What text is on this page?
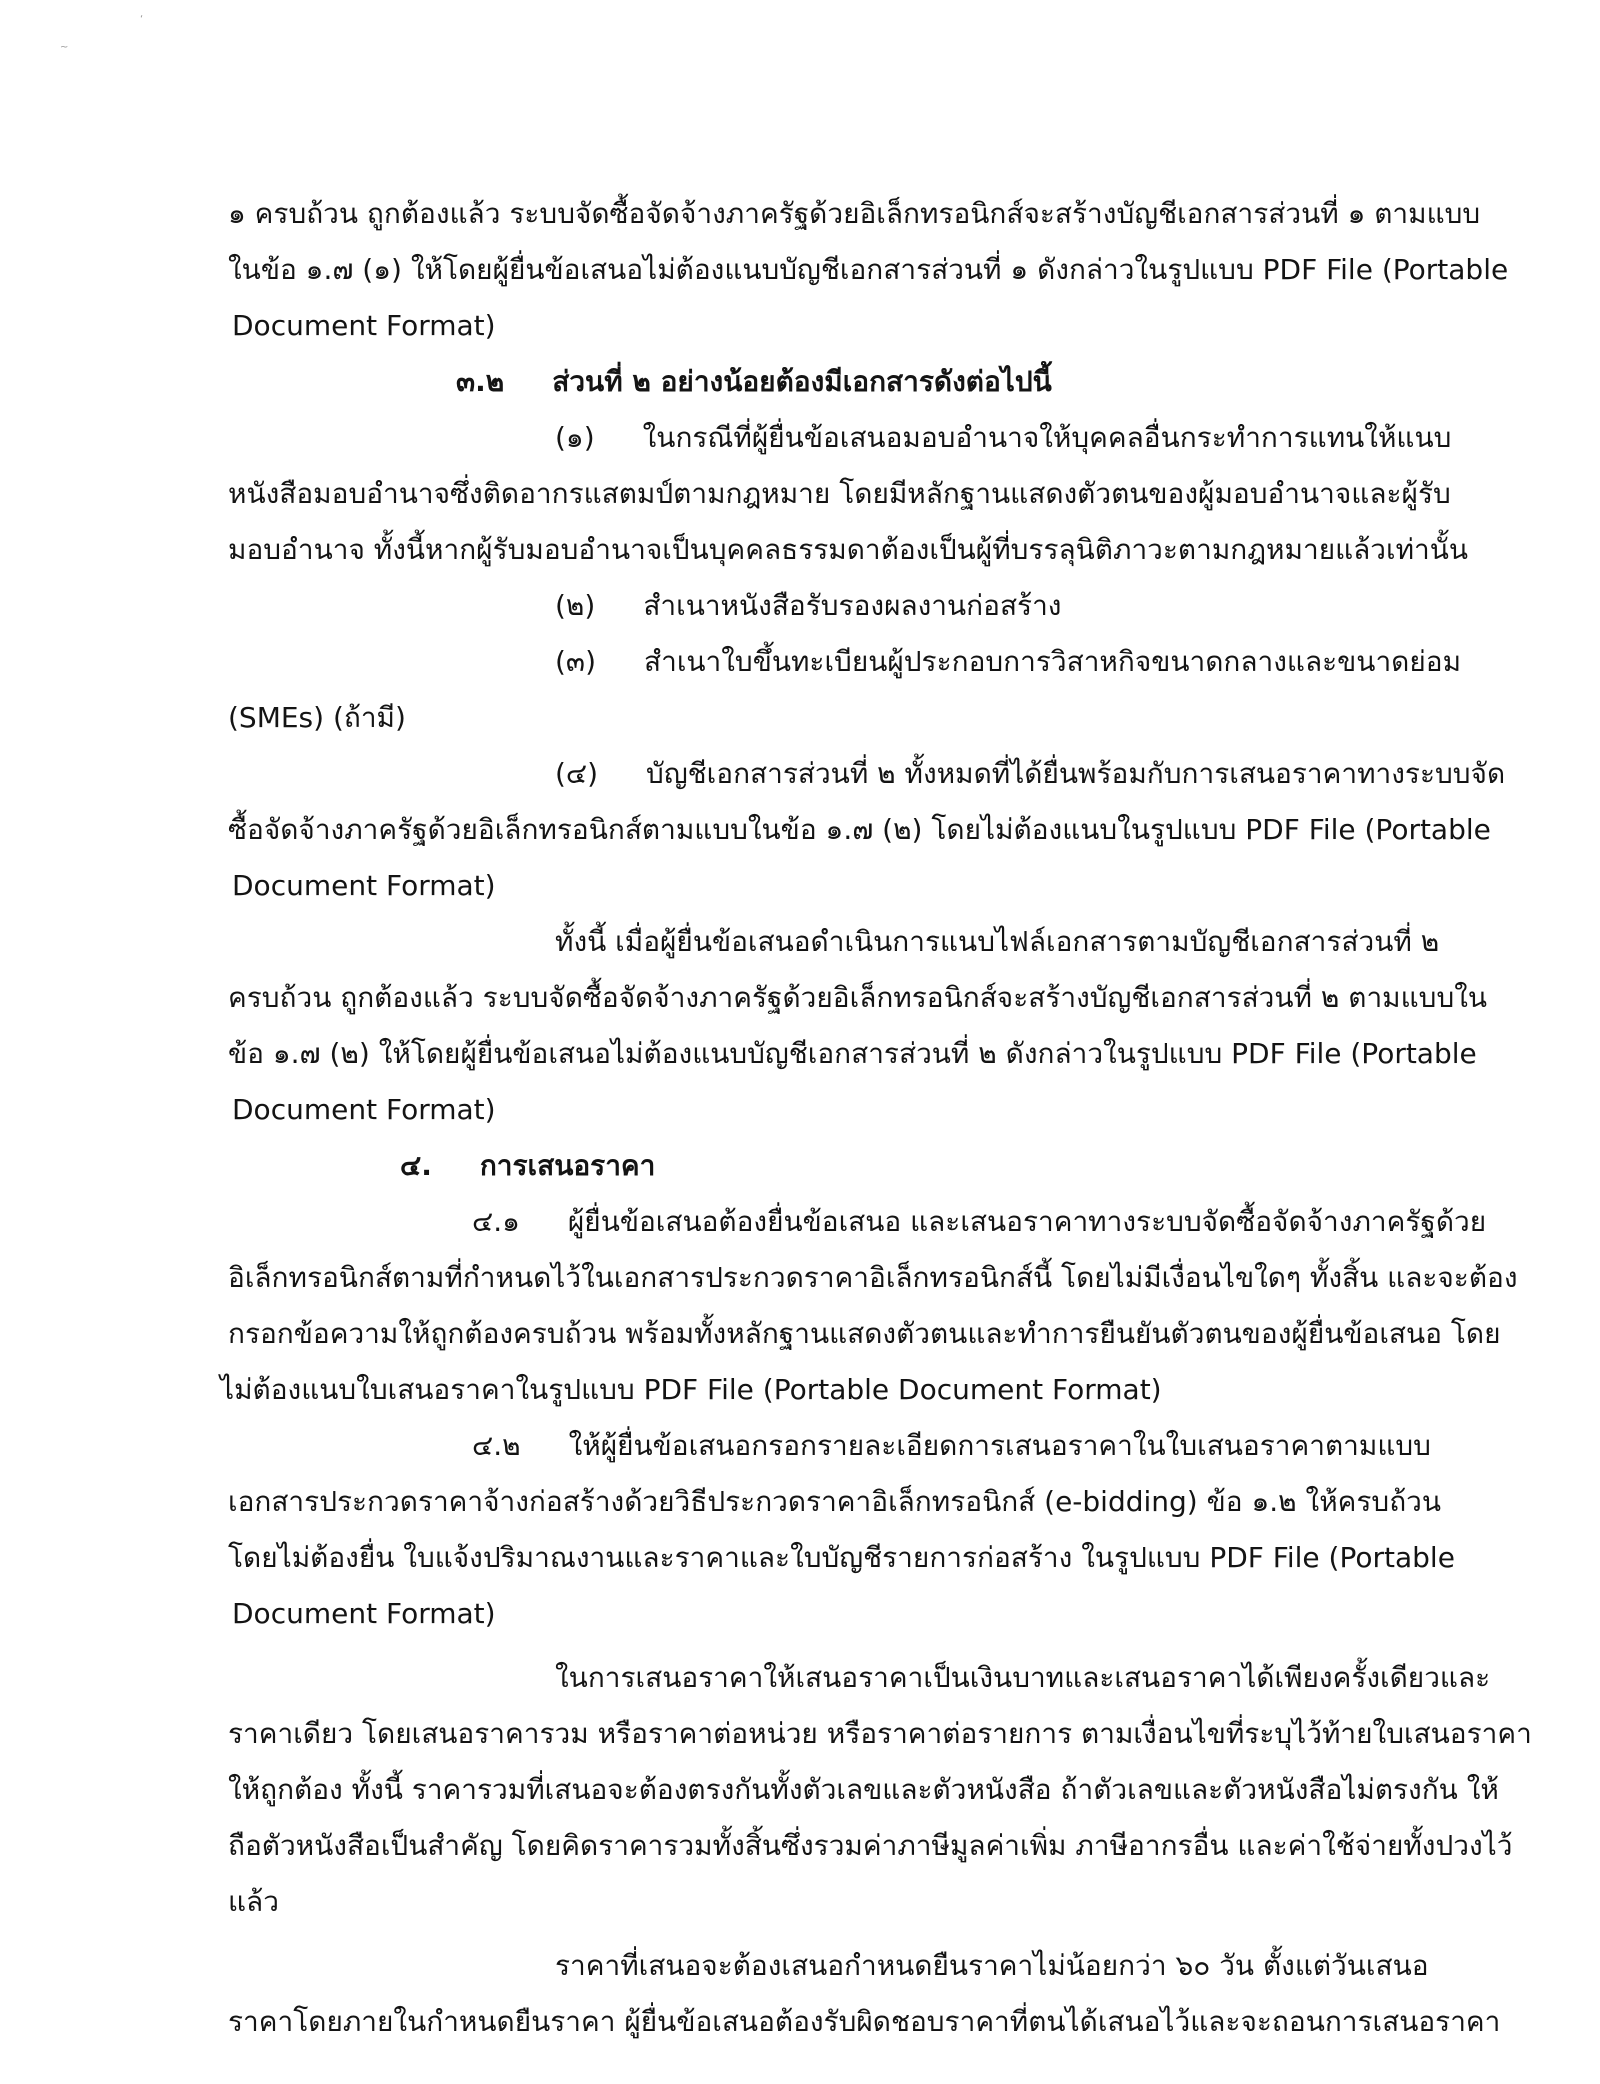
‘
~
๑ ครบถ้วน ถูกต้องแล้ว ระบบจัดซื้อจัดจ้างภาครัฐด้วยอิเล็กทรอนิกส์จะสร้างบัญชีเอกสารส่วนที่ ๑ ตามแบบ
ในข้อ ๑.๗ (๑) ให้โดยผู้ยื่นข้อเสนอไม่ต้องแนบบัญชีเอกสารส่วนที่ ๑ ดังกล่าวในรูปแบบ PDF File (Portable
Document Format)
๓.๒ ส่วนที่ ๒ อย่างน้อยต้องมีเอกสารดังต่อไปนี้
(๑) ในกรณีที่ผู้ยื่นข้อเสนอมอบอำนาจให้บุคคลอื่นกระทำการแทนให้แนบ
หนังสือมอบอำนาจซึ่งติดอากรแสตมป์ตามกฎหมาย โดยมีหลักฐานแสดงตัวตนของผู้มอบอำนาจและผู้รับ
มอบอำนาจ ทั้งนี้หากผู้รับมอบอำนาจเป็นบุคคลธรรมดาต้องเป็นผู้ที่บรรลุนิติภาวะตามกฎหมายแล้วเท่านั้น
(๒) สำเนาหนังสือรับรองผลงานก่อสร้าง
(๓) สำเนาใบขึ้นทะเบียนผู้ประกอบการวิสาหกิจขนาดกลางและขนาดย่อม
(SMEs) (ถ้ามี)
(๔) บัญชีเอกสารส่วนที่ ๒ ทั้งหมดที่ได้ยื่นพร้อมกับการเสนอราคาทางระบบจัด
ซื้อจัดจ้างภาครัฐด้วยอิเล็กทรอนิกส์ตามแบบในข้อ ๑.๗ (๒) โดยไม่ต้องแนบในรูปแบบ PDF File (Portable
Document Format)
ทั้งนี้ เมื่อผู้ยื่นข้อเสนอดำเนินการแนบไฟล์เอกสารตามบัญชีเอกสารส่วนที่ ๒
ครบถ้วน ถูกต้องแล้ว ระบบจัดซื้อจัดจ้างภาครัฐด้วยอิเล็กทรอนิกส์จะสร้างบัญชีเอกสารส่วนที่ ๒ ตามแบบใน
ข้อ ๑.๗ (๒) ให้โดยผู้ยื่นข้อเสนอไม่ต้องแนบบัญชีเอกสารส่วนที่ ๒ ดังกล่าวในรูปแบบ PDF File (Portable
Document Format)
๔. การเสนอราคา
๔.๑ ผู้ยื่นข้อเสนอต้องยื่นข้อเสนอ และเสนอราคาทางระบบจัดซื้อจัดจ้างภาครัฐด้วย
อิเล็กทรอนิกส์ตามที่กำหนดไว้ในเอกสารประกวดราคาอิเล็กทรอนิกส์นี้ โดยไม่มีเงื่อนไขใดๆ ทั้งสิ้น และจะต้อง
กรอกข้อความให้ถูกต้องครบถ้วน พร้อมทั้งหลักฐานแสดงตัวตนและทำการยืนยันตัวตนของผู้ยื่นข้อเสนอ โดย
ไม่ต้องแนบใบเสนอราคาในรูปแบบ PDF File (Portable Document Format)
๔.๒ ให้ผู้ยื่นข้อเสนอกรอกรายละเอียดการเสนอราคาในใบเสนอราคาตามแบบ
เอกสารประกวดราคาจ้างก่อสร้างด้วยวิธีประกวดราคาอิเล็กทรอนิกส์ (e-bidding) ข้อ ๑.๒ ให้ครบถ้วน
โดยไม่ต้องยื่น ใบแจ้งปริมาณงานและราคาและใบบัญชีรายการก่อสร้าง ในรูปแบบ PDF File (Portable
Document Format)
ในการเสนอราคาให้เสนอราคาเป็นเงินบาทและเสนอราคาได้เพียงครั้งเดียวและ
ราคาเดียว โดยเสนอราคารวม หรือราคาต่อหน่วย หรือราคาต่อรายการ ตามเงื่อนไขที่ระบุไว้ท้ายใบเสนอราคา
ให้ถูกต้อง ทั้งนี้ ราคารวมที่เสนอจะต้องตรงกันทั้งตัวเลขและตัวหนังสือ ถ้าตัวเลขและตัวหนังสือไม่ตรงกัน ให้
ถือตัวหนังสือเป็นสำคัญ โดยคิดราคารวมทั้งสิ้นซึ่งรวมค่าภาษีมูลค่าเพิ่ม ภาษีอากรอื่น และค่าใช้จ่ายทั้งปวงไว้
แล้ว
ราคาที่เสนอจะต้องเสนอกำหนดยืนราคาไม่น้อยกว่า ๖๐ วัน ตั้งแต่วันเสนอ
ราคาโดยภายในกำหนดยืนราคา ผู้ยื่นข้อเสนอต้องรับผิดชอบราคาที่ตนได้เสนอไว้และจะถอนการเสนอราคา
